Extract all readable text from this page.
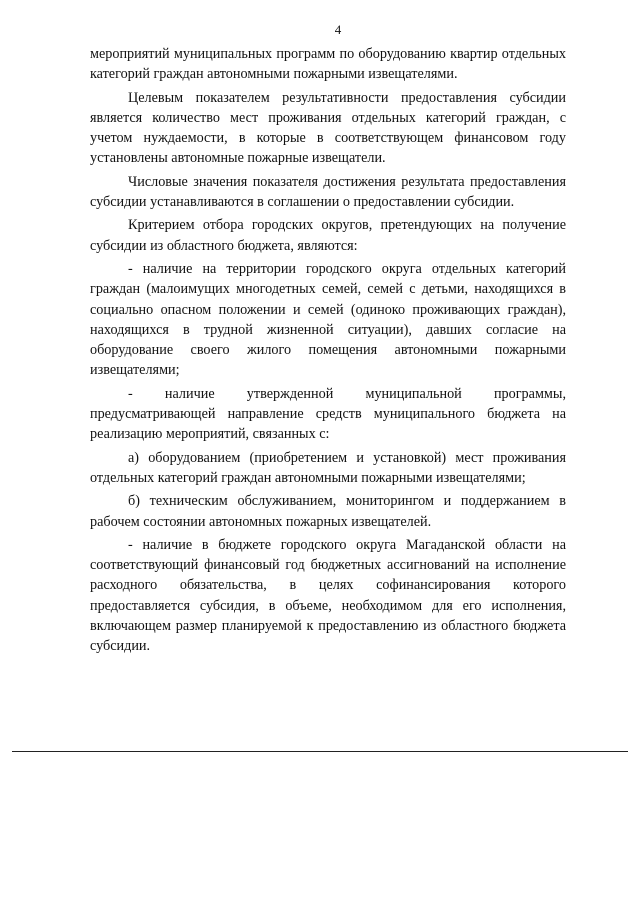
4

мероприятий муниципальных программ по оборудованию квартир отдельных категорий граждан автономными пожарными извещателями.

Целевым показателем результативности предоставления субсидии является количество мест проживания отдельных категорий граждан, с учетом нуждаемости, в которые в соответствующем финансовом году установлены автономные пожарные извещатели.

Числовые значения показателя достижения результата предоставления субсидии устанавливаются в соглашении о предоставлении субсидии.

Критерием отбора городских округов, претендующих на получение субсидии из областного бюджета, являются:

- наличие на территории городского округа отдельных категорий граждан (малоимущих многодетных семей, семей с детьми, находящихся в социально опасном положении и семей (одиноко проживающих граждан), находящихся в трудной жизненной ситуации), давших согласие на оборудование своего жилого помещения автономными пожарными извещателями;

- наличие утвержденной муниципальной программы, предусматривающей направление средств муниципального бюджета на реализацию мероприятий, связанных с:

а) оборудованием (приобретением и установкой) мест проживания отдельных категорий граждан автономными пожарными извещателями;

б) техническим обслуживанием, мониторингом и поддержанием в рабочем состоянии автономных пожарных извещателей.

- наличие в бюджете городского округа Магаданской области на соответствующий финансовый год бюджетных ассигнований на исполнение расходного обязательства, в целях софинансирования которого предоставляется субсидия, в объеме, необходимом для его исполнения, включающем размер планируемой к предоставлению из областного бюджета субсидии.
